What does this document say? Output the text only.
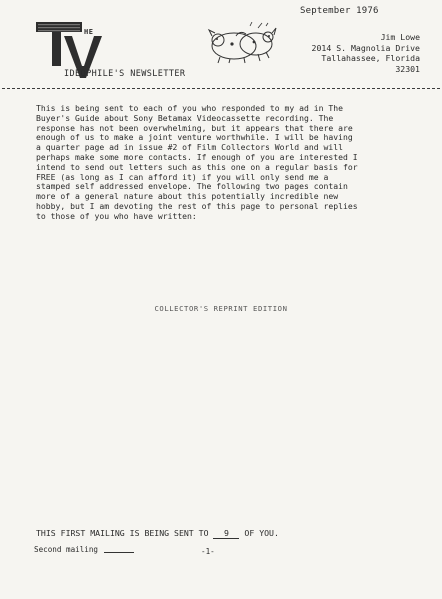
September 1976
HE
IDEOPHILE'S NEWSLETTER
Jim Lowe
2014 S. Magnolia Drive
Tallahassee, Florida
32301
This is being sent to each of you who responded to my ad in The
Buyer's Guide about Sony Betamax Videocassette recording. The
response has not been overwhelming, but it appears that there are
enough of us to make a joint venture worthwhile. I will be having
a quarter page ad in issue #2 of Film Collectors World and will
perhaps make some more contacts. If enough of you are interested I
intend to send out letters such as this one on a regular basis for
FREE (as long as I can afford it) if you will only send me a
stamped self addressed envelope. The following two pages contain
more of a general nature about this potentially incredible new
hobby, but I am devoting the rest of this page to personal replies
to those of you who have written:
COLLECTOR'S REPRINT EDITION
THIS FIRST MAILING IS BEING SENT TO 9 OF YOU.
Second mailing	-1-
